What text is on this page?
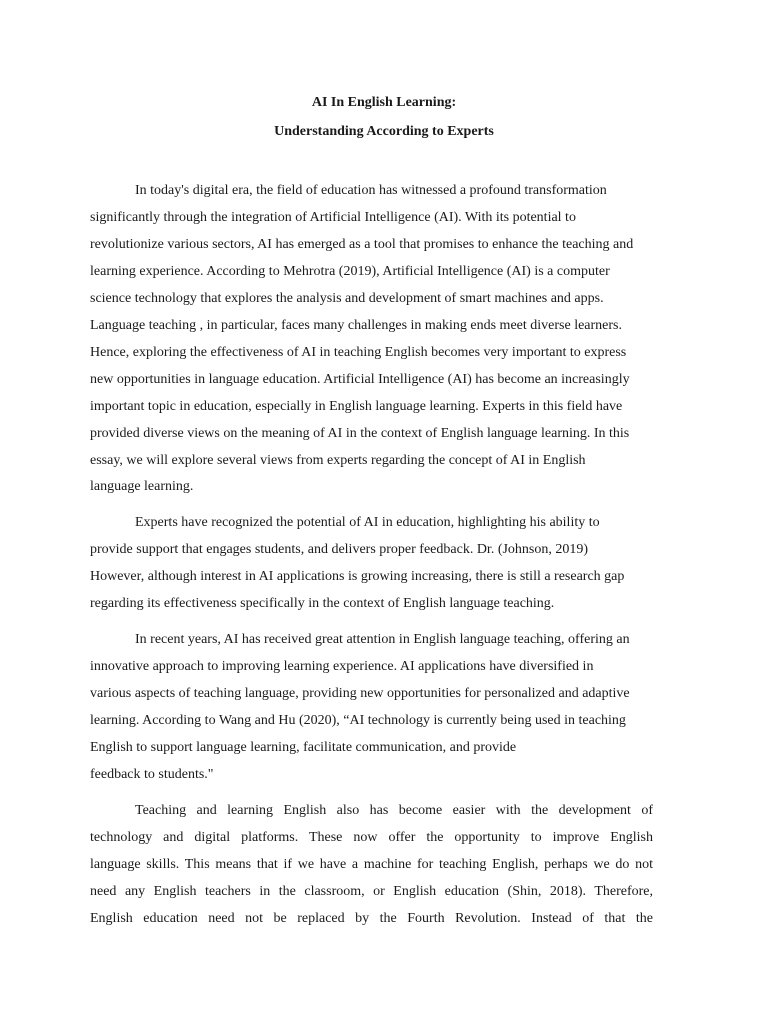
AI In English Learning:

Understanding According to Experts

In today's digital era, the field of education has witnessed a profound transformation

significantly through the integration of Artificial Intelligence (AI). With its potential to

revolutionize various sectors, AI has emerged as a tool that promises to enhance the teaching and

learning experience. According to Mehrotra (2019), Artificial Intelligence (AI) is a computer

science technology that explores the analysis and development of smart machines and apps.

Language teaching , in particular, faces many challenges in making ends meet diverse learners.

Hence, exploring the effectiveness of AI in teaching English becomes very important to express

new opportunities in language education. Artificial Intelligence (AI) has become an increasingly

important topic in education, especially in English language learning. Experts in this field have

provided diverse views on the meaning of AI in the context of English language learning. In this

essay, we will explore several views from experts regarding the concept of AI in English

language learning.

Experts have recognized the potential of AI in education, highlighting his ability to

provide support that engages students, and delivers proper feedback. Dr. (Johnson, 2019)

However, although interest in AI applications is growing increasing, there is still a research gap

regarding its effectiveness specifically in the context of English language teaching.

In recent years, AI has received great attention in English language teaching, offering an

innovative approach to improving learning experience. AI applications have diversified in

various aspects of teaching language, providing new opportunities for personalized and adaptive

learning. According to Wang and Hu (2020), “AI technology is currently being used in teaching

English to support language learning, facilitate communication, and provide

feedback to students."

Teaching and learning English also has become easier with the development of

technology and digital platforms. These now offer the opportunity to improve English

language skills. This means that if we have a machine for teaching English, perhaps we do not

need any English teachers in the classroom, or English education (Shin, 2018). Therefore,

English education need not be replaced by the Fourth Revolution. Instead of that the
